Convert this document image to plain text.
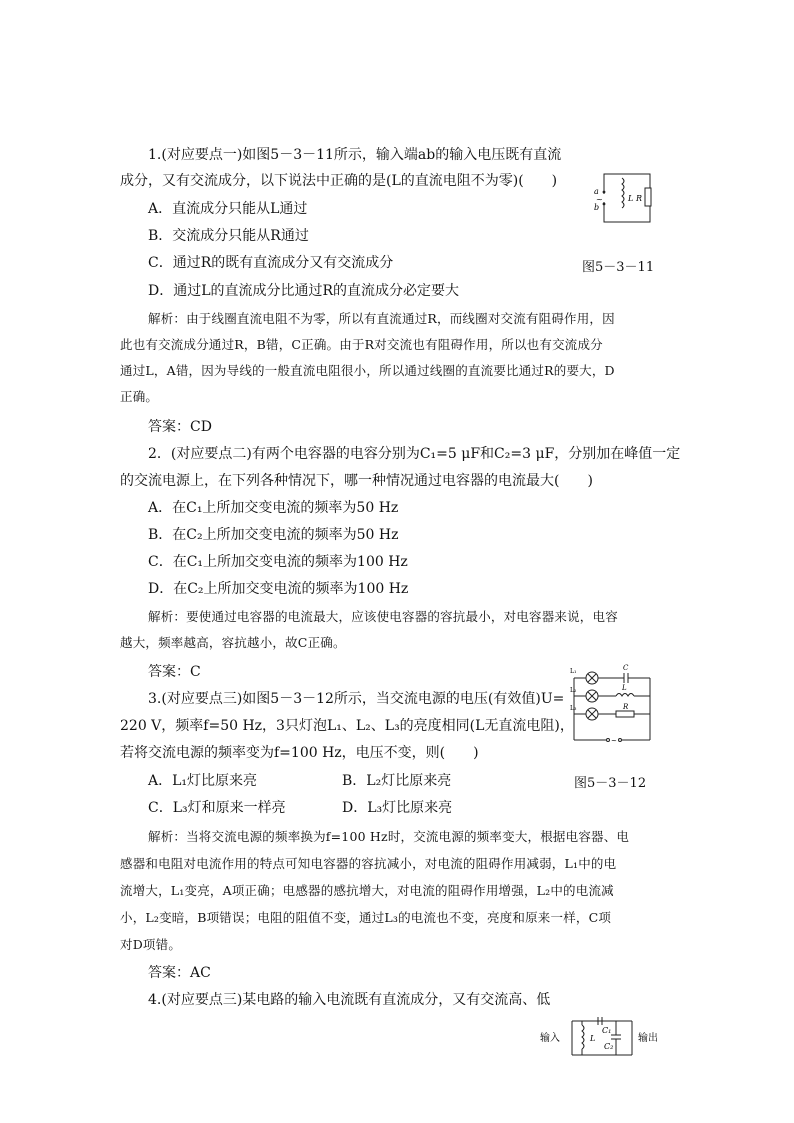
1.(对应要点一)如图5－3－11所示，输入端ab的输入电压既有直流
成分，又有交流成分，以下说法中正确的是(L的直流电阻不为零)(　　)
A．直流成分只能从L通过
B．交流成分只能从R通过
C．通过R的既有直流成分又有交流成分
D．通过L的直流成分比通过R的直流成分必定要大
a
b
~	L R
图5－3－11
解析：由于线圈直流电阻不为零，所以有直流通过R，而线圈对交流有阻碍作用，因
此也有交流成分通过R，B错，C正确。由于R对交流也有阻碍作用，所以也有交流成分
通过L，A错，因为导线的一般直流电阻很小，所以通过线圈的直流要比通过R的要大，D
正确。
答案：CD
2．(对应要点二)有两个电容器的电容分别为C₁=5 μF和C₂=3 μF，分别加在峰值一定
的交流电源上，在下列各种情况下，哪一种情况通过电容器的电流最大(　　)
A．在C₁上所加交变电流的频率为50 Hz
B．在C₂上所加交变电流的频率为50 Hz
C．在C₁上所加交变电流的频率为100 Hz
D．在C₂上所加交变电流的频率为100 Hz
解析：要使通过电容器的电流最大，应该使电容器的容抗最小，对电容器来说，电容
越大，频率越高，容抗越小，故C正确。
答案：C
3.(对应要点三)如图5－3－12所示，当交流电源的电压(有效值)U=
220 V，频率f=50 Hz，3只灯泡L₁、L₂、L₃的亮度相同(L无直流电阻)，
若将交流电源的频率变为f=100 Hz，电压不变，则(　　)
~
L₁
L₂
L₃
C
L
R
A．L₁灯比原来亮	B．L₂灯比原来亮	图5－3－12
C．L₃灯和原来一样亮	D．L₃灯比原来亮
解析：当将交流电源的频率换为f=100 Hz时，交流电源的频率变大，根据电容器、电
感器和电阻对电流作用的特点可知电容器的容抗减小，对电流的阻碍作用减弱，L₁中的电
流增大，L₁变亮，A项正确；电感器的感抗增大，对电流的阻碍作用增强，L₂中的电流减
小，L₂变暗，B项错误；电阻的阻值不变，通过L₃的电流也不变，亮度和原来一样，C项
对D项错。
答案：AC
4.(对应要点三)某电路的输入电流既有直流成分，又有交流高、低
输入	L
C₁
C₂
输出
